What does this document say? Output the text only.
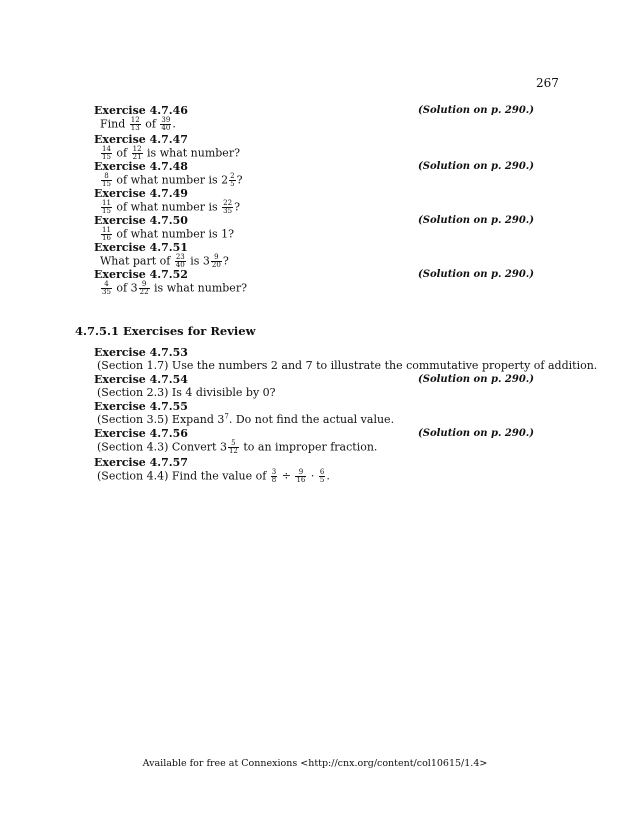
267
Exercise 4.7.46	(Solution on p. 290.)
Find $\frac{12}{13}$ of $\frac{39}{40}$ .
Exercise 4.7.47
$\frac{14}{15}$ of $\frac{12}{21}$ is what number?
Exercise 4.7.48	(Solution on p. 290.)
$\frac{8}{15}$ of what number is $2 \frac{2}{5}$ ?
Exercise 4.7.49
$\frac{11}{15}$ of what number is $\frac{22}{35}$ ?
Exercise 4.7.50	(Solution on p. 290.)
$\frac{11}{16}$ of what number is 1?
Exercise 4.7.51
What part of $\frac{23}{40}$ is $3 \frac{9}{20}$ ?
Exercise 4.7.52	(Solution on p. 290.)
$\frac{4}{35}$ of $3 \frac{9}{22}$ is what number?
4.7.5.1 Exercises for Review
Exercise 4.7.53
(Section 1.7) Use the numbers 2 and 7 to illustrate the commutative property of addition.
Exercise 4.7.54	(Solution on p. 290.)
(Section 2.3) Is 4 divisible by 0?
Exercise 4.7.55
(Section 3.5) Expand $3^7$. Do not find the actual value.
Exercise 4.7.56	(Solution on p. 290.)
(Section 4.3) Convert $3 \frac{5}{12}$ to an improper fraction.
Exercise 4.7.57
(Section 4.4) Find the value of $\frac{3}{8} \div \frac{9}{16} \cdot \frac{6}{5}$ .
Available for free at Connexions <http://cnx.org/content/col10615/1.4>
